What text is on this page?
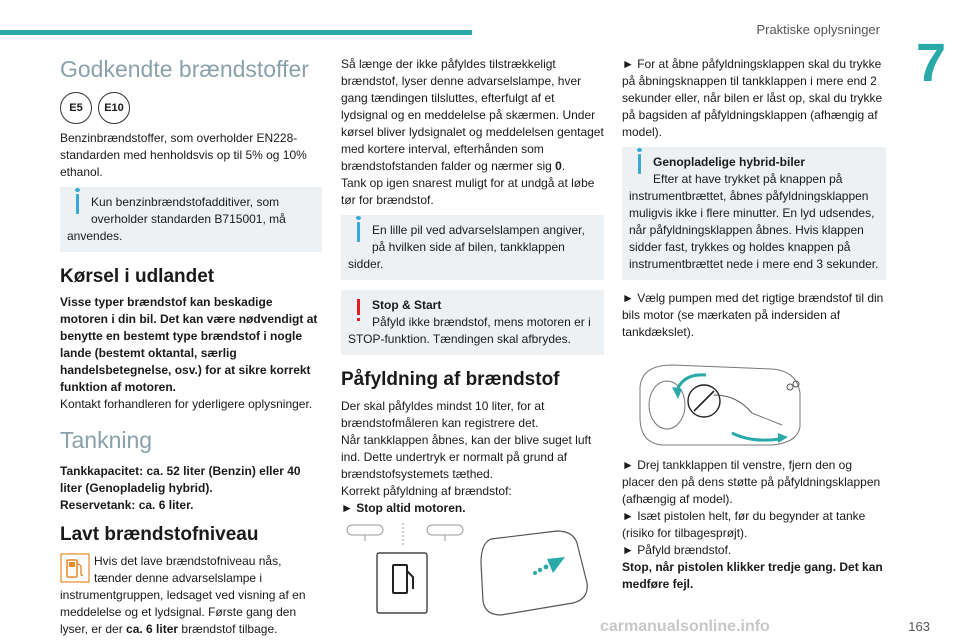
Praktiske oplysninger
7
Godkendte brændstoffer
E5	E10

Benzinbrændstoffer, som overholder EN228-standarden med henholdsvis op til 5% og 10% ethanol.

Kun benzinbrændstofadditiver, som overholder standarden B715001, må anvendes.
Kørsel i udlandet

Visse typer brændstof kan beskadige motoren i din bil. Det kan være nødvendigt at benytte en bestemt type brændstof i nogle lande (bestemt oktantal, særlig handelsbetegnelse, osv.) for at sikre korrekt funktion af motoren.

Kontakt forhandleren for yderligere oplysninger.

Tankning

Tankkapacitet: ca. 52 liter (Benzin) eller 40 liter (Genopladelig hybrid).

Reservetank: ca. 6 liter.

Lavt brændstofniveau

Hvis det lave brændstofniveau nås, tænder denne advarselslampe i instrumentgruppen, ledsaget ved visning af en meddelelse og et lydsignal. Første gang den lyser, er der ca. 6 liter brændstof tilbage.

Så længe der ikke påfyldes tilstrækkeligt brændstof, lyser denne advarselslampe, hver gang tændingen tilsluttes, efterfulgt af et lydsignal og en meddelelse på skærmen. Under kørsel bliver lydsignalet og meddelelsen gentaget med kortere interval, efterhånden som brændstofstanden falder og nærmer sig 0.

Tank op igen snarest muligt for at undgå at løbe tør for brændstof.

En lille pil ved advarselslampen angiver, på hvilken side af bilen, tankklappen sidder.
Stop & Start
Påfyld ikke brændstof, mens motoren er i STOP-funktion. Tændingen skal afbrydes.
Påfyldning af brændstof

Der skal påfyldes mindst 10 liter, for at brændstofmåleren kan registrere det.

Når tankklappen åbnes, kan der blive suget luft ind. Dette undertryk er normalt på grund af brændstofsystemets tæthed.

Korrekt påfyldning af brændstof:

► Stop altid motoren.

► For at åbne påfyldningsklappen skal du trykke på åbningsknappen til tankklappen i mere end 2 sekunder eller, når bilen er låst op, skal du trykke på bagsiden af påfyldningsklappen (afhængig af model).

Genopladelige hybrid-biler
Efter at have trykket på knappen på instrumentbrættet, åbnes påfyldningsklappen muligvis ikke i flere minutter. En lyd udsendes, når påfyldningsklappen åbnes. Hvis klappen sidder fast, trykkes og holdes knappen på instrumentbrættet nede i mere end 3 sekunder.

► Vælg pumpen med det rigtige brændstof til din bils motor (se mærkaten på indersiden af tankdækslet).

► Drej tankklappen til venstre, fjern den og placer den på dens støtte på påfyldningsklappen (afhængig af model).

► Isæt pistolen helt, før du begynder at tanke (risiko for tilbagesprøjt).

► Påfyld brændstof.

Stop, når pistolen klikker tredje gang. Det kan medføre fejl.

carmanualsonline.info	163
